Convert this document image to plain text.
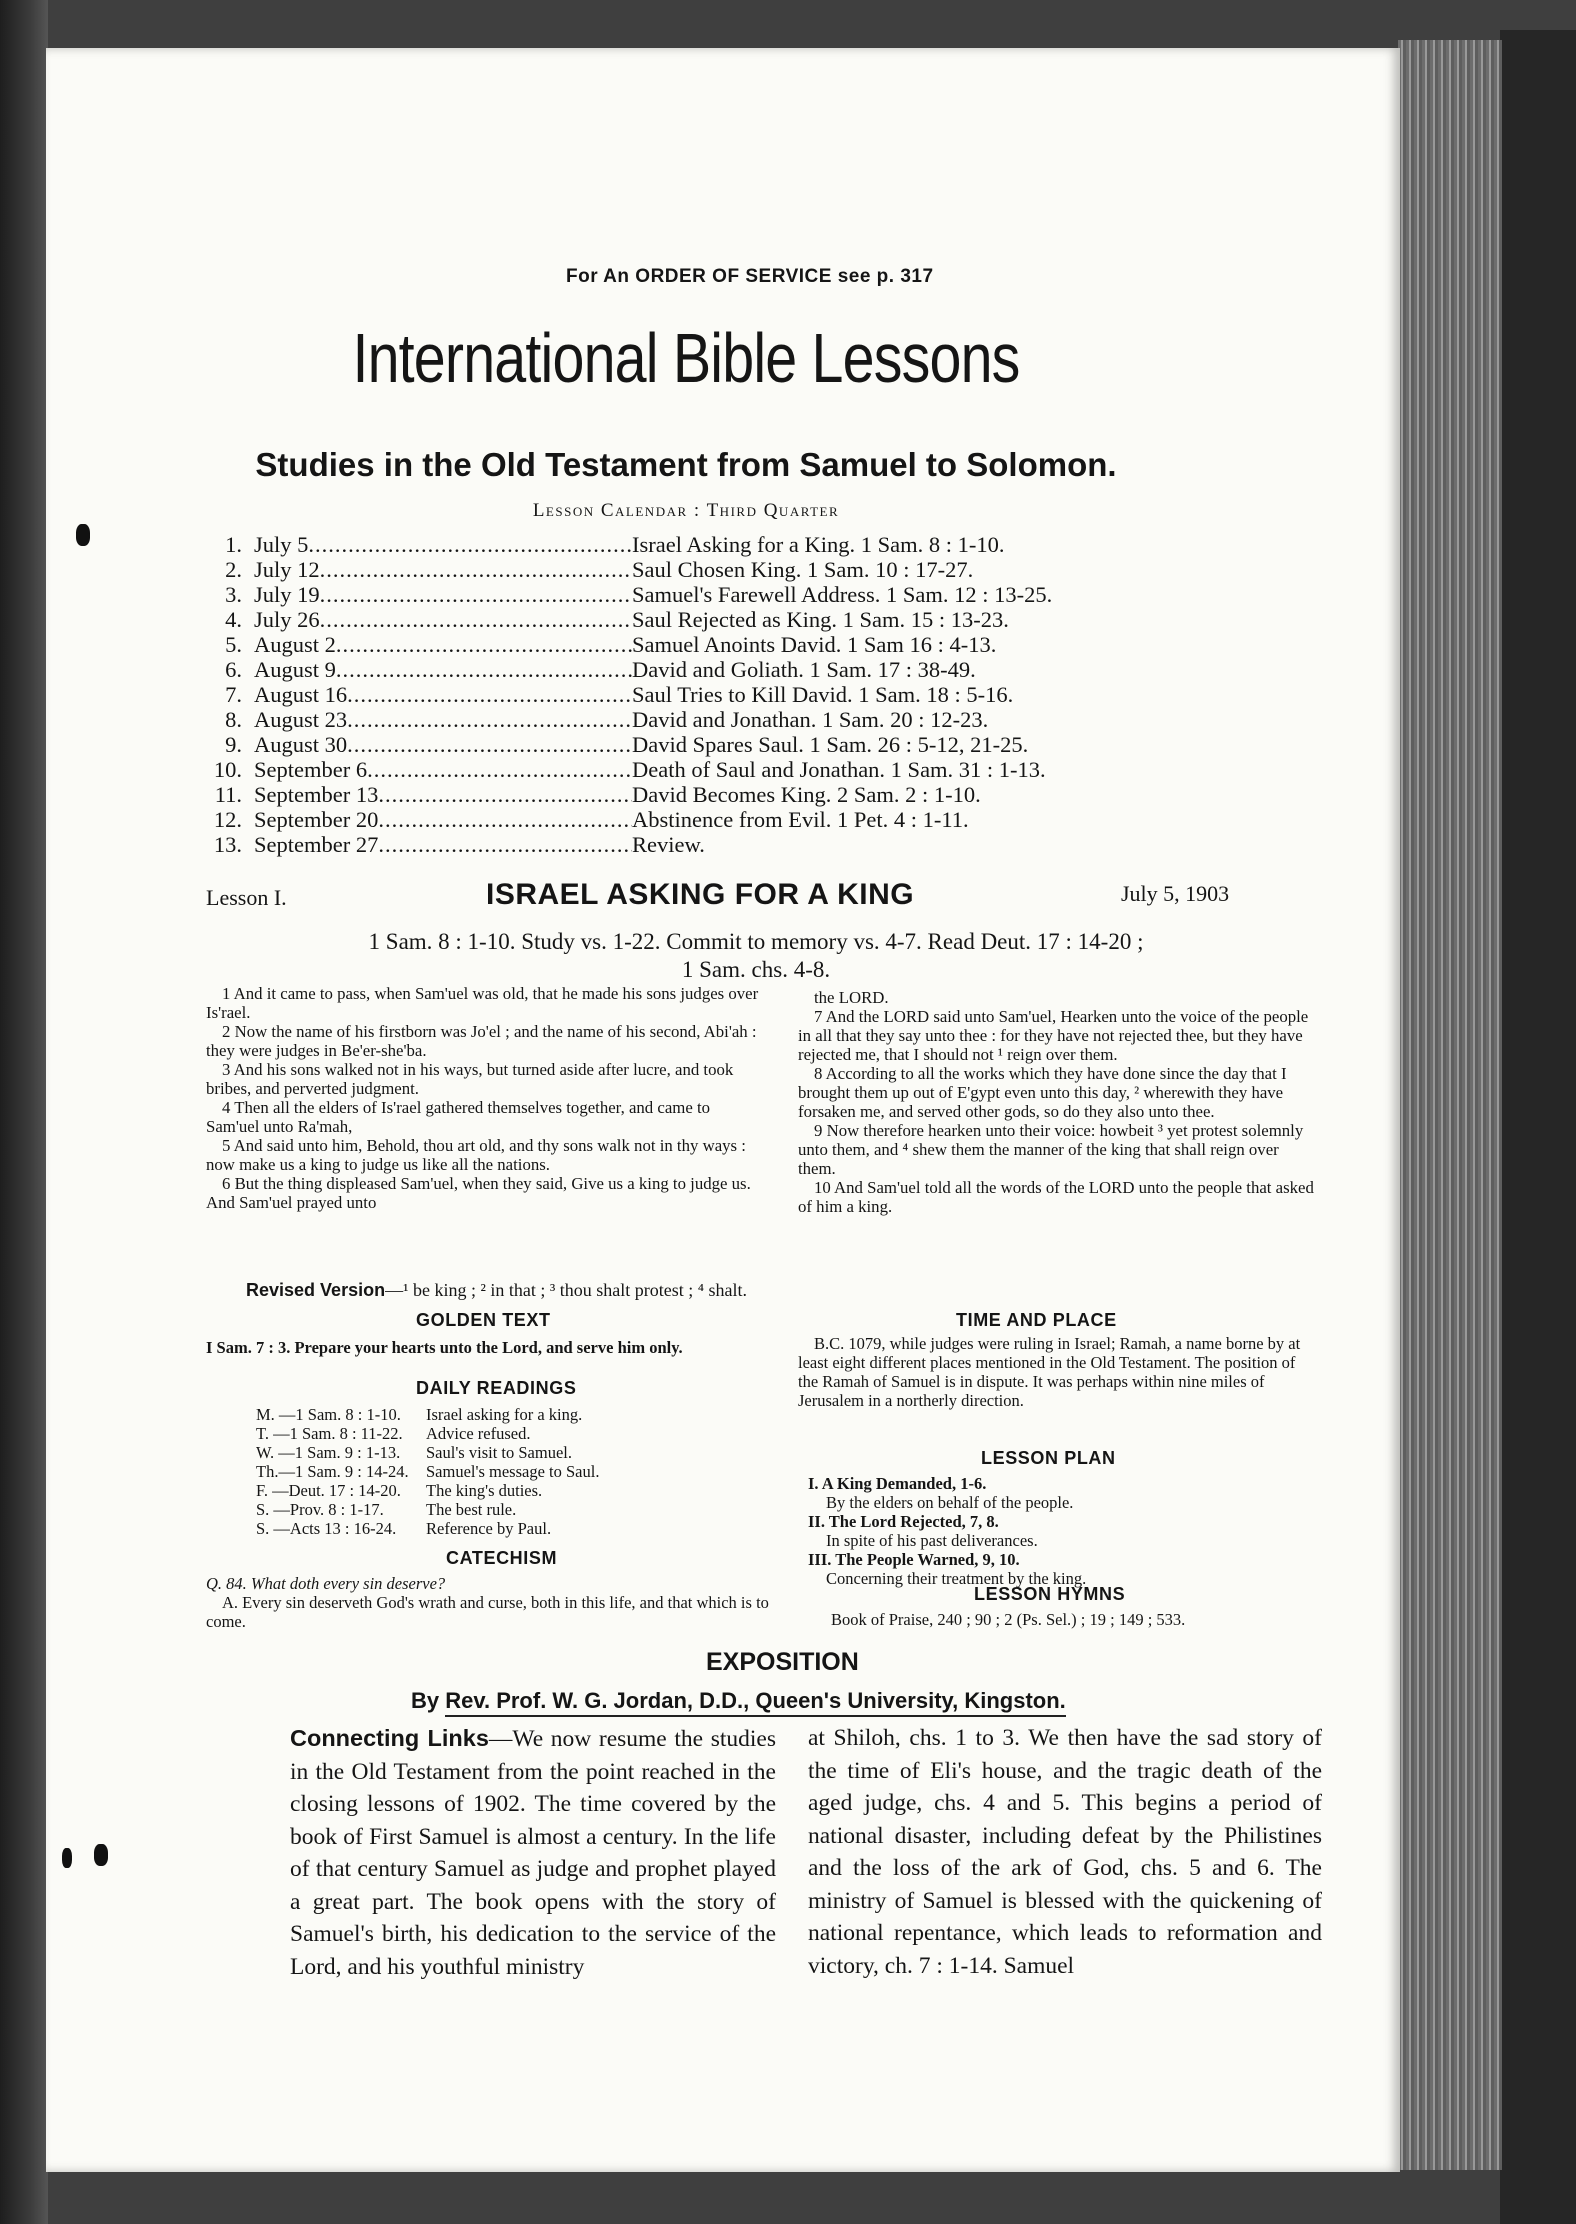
For An ORDER OF SERVICE see p. 317
International Bible Lessons
Studies in the Old Testament from Samuel to Solomon.
Lesson Calendar : Third Quarter
1. July 5 .....	Israel Asking for a King. 1 Sam. 8 : 1-10.
2. July 12 .....	Saul Chosen King. 1 Sam. 10 : 17-27.
3. July 19 .....	Samuel's Farewell Address. 1 Sam. 12 : 13-25.
4. July 26 .....	Saul Rejected as King. 1 Sam. 15 : 13-23.
5. August 2 .....	Samuel Anoints David. 1 Sam 16 : 4-13.
6. August 9 .....	David and Goliath. 1 Sam. 17 : 38-49.
7. August 16 .....	Saul Tries to Kill David. 1 Sam. 18 : 5-16.
8. August 23 .....	David and Jonathan. 1 Sam. 20 : 12-23.
9. August 30 .....	David Spares Saul. 1 Sam. 26 : 5-12, 21-25.
10. September 6 .....	Death of Saul and Jonathan. 1 Sam. 31 : 1-13.
11. September 13 .....	David Becomes King. 2 Sam. 2 : 1-10.
12. September 20 .....	Abstinence from Evil. 1 Pet. 4 : 1-11.
13. September 27 .....	Review.
Lesson I.	ISRAEL ASKING FOR A KING	July 5, 1903
1 Sam. 8 : 1-10. Study vs. 1-22. Commit to memory vs. 4-7. Read Deut. 17 : 14-20 ;
1 Sam. chs. 4-8.

1 And it came to pass, when Sam'uel was old, that he made his sons judges over Is'rael.

2 Now the name of his firstborn was Jo'el ; and the name of his second, Abi'ah : they were judges in Be'er-she'ba.

3 And his sons walked not in his ways, but turned aside after lucre, and took bribes, and perverted judgment.

4 Then all the elders of Is'rael gathered themselves together, and came to Sam'uel unto Ra'mah,

5 And said unto him, Behold, thou art old, and thy sons walk not in thy ways : now make us a king to judge us like all the nations.

6 But the thing displeased Sam'uel, when they said, Give us a king to judge us. And Sam'uel prayed unto

the LORD.

7 And the LORD said unto Sam'uel, Hearken unto the voice of the people in all that they say unto thee : for they have not rejected thee, but they have rejected me, that I should not ¹ reign over them.

8 According to all the works which they have done since the day that I brought them up out of E'gypt even unto this day, ² wherewith they have forsaken me, and served other gods, so do they also unto thee.

9 Now therefore hearken unto their voice: howbeit ³ yet protest solemnly unto them, and ⁴ shew them the manner of the king that shall reign over them.

10 And Sam'uel told all the words of the LORD unto the people that asked of him a king.

Revised Version—¹ be king ; ² in that ; ³ thou shalt protest ; ⁴ shalt.
GOLDEN TEXT
I Sam. 7 : 3. Prepare your hearts unto the Lord, and serve him only.
DAILY READINGS
M. —1 Sam. 8 : 1-10.	Israel asking for a king.
T. —1 Sam. 8 : 11-22.	Advice refused.
W. —1 Sam. 9 : 1-13.	Saul's visit to Samuel.
Th.—1 Sam. 9 : 14-24.	Samuel's message to Saul.
F. —Deut. 17 : 14-20.	The king's duties.
S. —Prov. 8 : 1-17.	The best rule.
S. —Acts 13 : 16-24.	Reference by Paul.
CATECHISM

Q. 84. What doth every sin deserve?

A. Every sin deserveth God's wrath and curse, both in this life, and that which is to come.

TIME AND PLACE
B.C. 1079, while judges were ruling in Israel; Ramah, a name borne by at least eight different places mentioned in the Old Testament. The position of the Ramah of Samuel is in dispute. It was perhaps within nine miles of Jerusalem in a northerly direction.
LESSON PLAN

I. A King Demanded, 1-6.

By the elders on behalf of the people.

II. The Lord Rejected, 7, 8.

In spite of his past deliverances.

III. The People Warned, 9, 10.

Concerning their treatment by the king.

LESSON HYMNS
Book of Praise, 240 ; 90 ; 2 (Ps. Sel.) ; 19 ; 149 ; 533.
EXPOSITION
By Rev. Prof. W. G. Jordan, D.D., Queen's University, Kingston.

Connecting Links—We now resume the studies in the Old Testament from the point reached in the closing lessons of 1902. The time covered by the book of First Samuel is almost a century. In the life of that century Samuel as judge and prophet played a great part. The book opens with the story of Samuel's birth, his dedication to the service of the Lord, and his youthful ministry

at Shiloh, chs. 1 to 3. We then have the sad story of the time of Eli's house, and the tragic death of the aged judge, chs. 4 and 5. This begins a period of national disaster, including defeat by the Philistines and the loss of the ark of God, chs. 5 and 6. The ministry of Samuel is blessed with the quickening of national repentance, which leads to reformation and victory, ch. 7 : 1-14. Samuel
